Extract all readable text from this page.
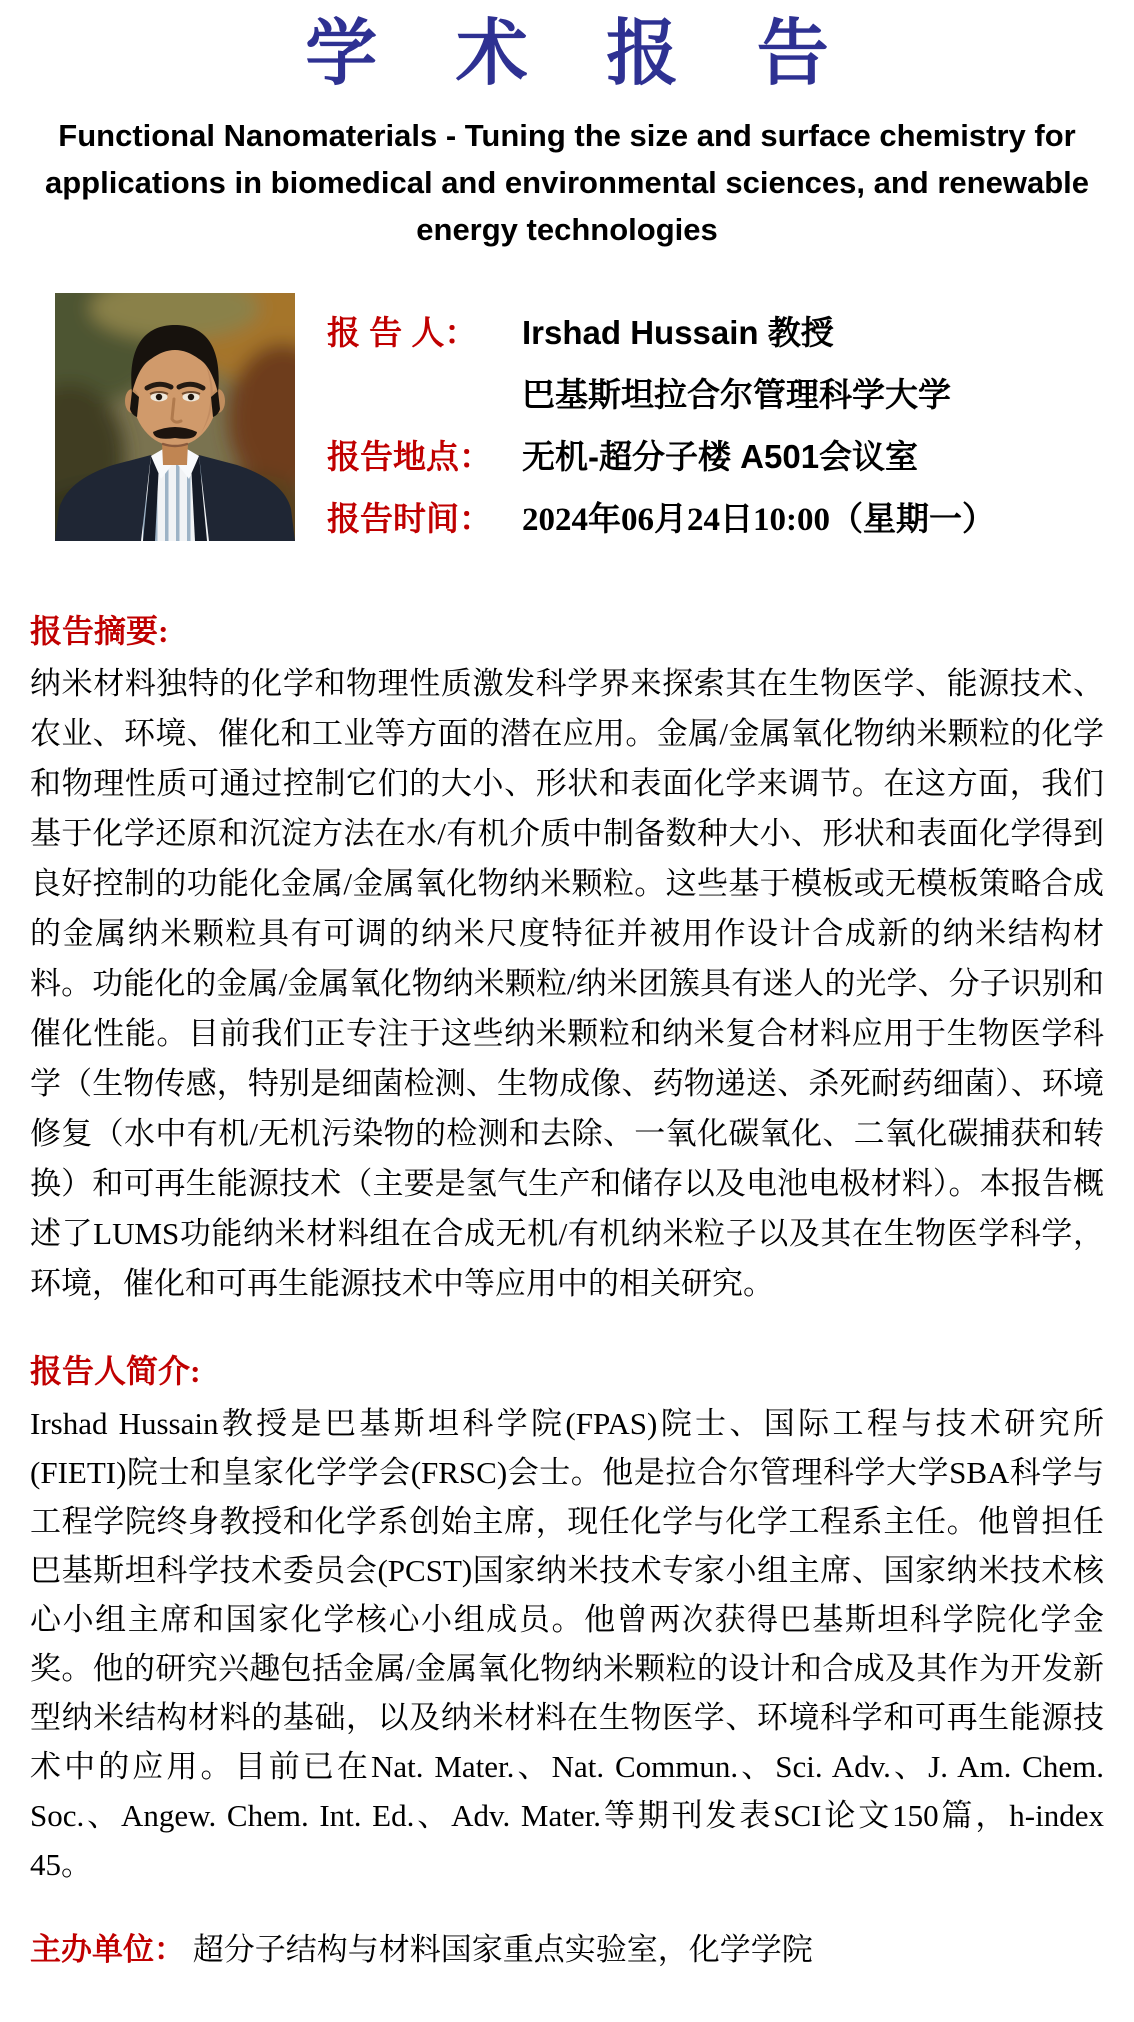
学 术 报 告
Functional Nanomaterials - Tuning the size and surface chemistry for applications in biomedical and environmental sciences, and renewable energy technologies
报 告 人：	Irshad Hussain 教授
巴基斯坦拉合尔管理科学大学
报告地点： 无机-超分子楼 A501会议室
报告时间： 2024年06月24日10:00（星期一）
报告摘要:

纳米材料独特的化学和物理性质激发科学界来探索其在生物医学、能源技术、农业、环境、催化和工业等方面的潜在应用。金属/金属氧化物纳米颗粒的化学和物理性质可通过控制它们的大小、形状和表面化学来调节。在这方面，我们基于化学还原和沉淀方法在水/有机介质中制备数种大小、形状和表面化学得到良好控制的功能化金属/金属氧化物纳米颗粒。这些基于模板或无模板策略合成的金属纳米颗粒具有可调的纳米尺度特征并被用作设计合成新的纳米结构材料。功能化的金属/金属氧化物纳米颗粒/纳米团簇具有迷人的光学、分子识别和催化性能。目前我们正专注于这些纳米颗粒和纳米复合材料应用于生物医学科学（生物传感，特别是细菌检测、生物成像、药物递送、杀死耐药细菌）、环境修复（水中有机/无机污染物的检测和去除、一氧化碳氧化、二氧化碳捕获和转换）和可再生能源技术（主要是氢气生产和储存以及电池电极材料）。本报告概述了LUMS功能纳米材料组在合成无机/有机纳米粒子以及其在生物医学科学，环境，催化和可再生能源技术中等应用中的相关研究。

报告人简介:

Irshad Hussain教授是巴基斯坦科学院(FPAS)院士、国际工程与技术研究所(FIETI)院士和皇家化学学会(FRSC)会士。他是拉合尔管理科学大学SBA科学与工程学院终身教授和化学系创始主席，现任化学与化学工程系主任。他曾担任巴基斯坦科学技术委员会(PCST)国家纳米技术专家小组主席、国家纳米技术核心小组主席和国家化学核心小组成员。他曾两次获得巴基斯坦科学院化学金奖。他的研究兴趣包括金属/金属氧化物纳米颗粒的设计和合成及其作为开发新型纳米结构材料的基础，以及纳米材料在生物医学、环境科学和可再生能源技术中的应用。目前已在Nat. Mater.、Nat. Commun.、Sci. Adv.、J. Am. Chem. Soc.、Angew. Chem. Int. Ed.、Adv. Mater.等期刊发表SCI论文150篇，h-index 45。

主办单位： 超分子结构与材料国家重点实验室，化学学院
